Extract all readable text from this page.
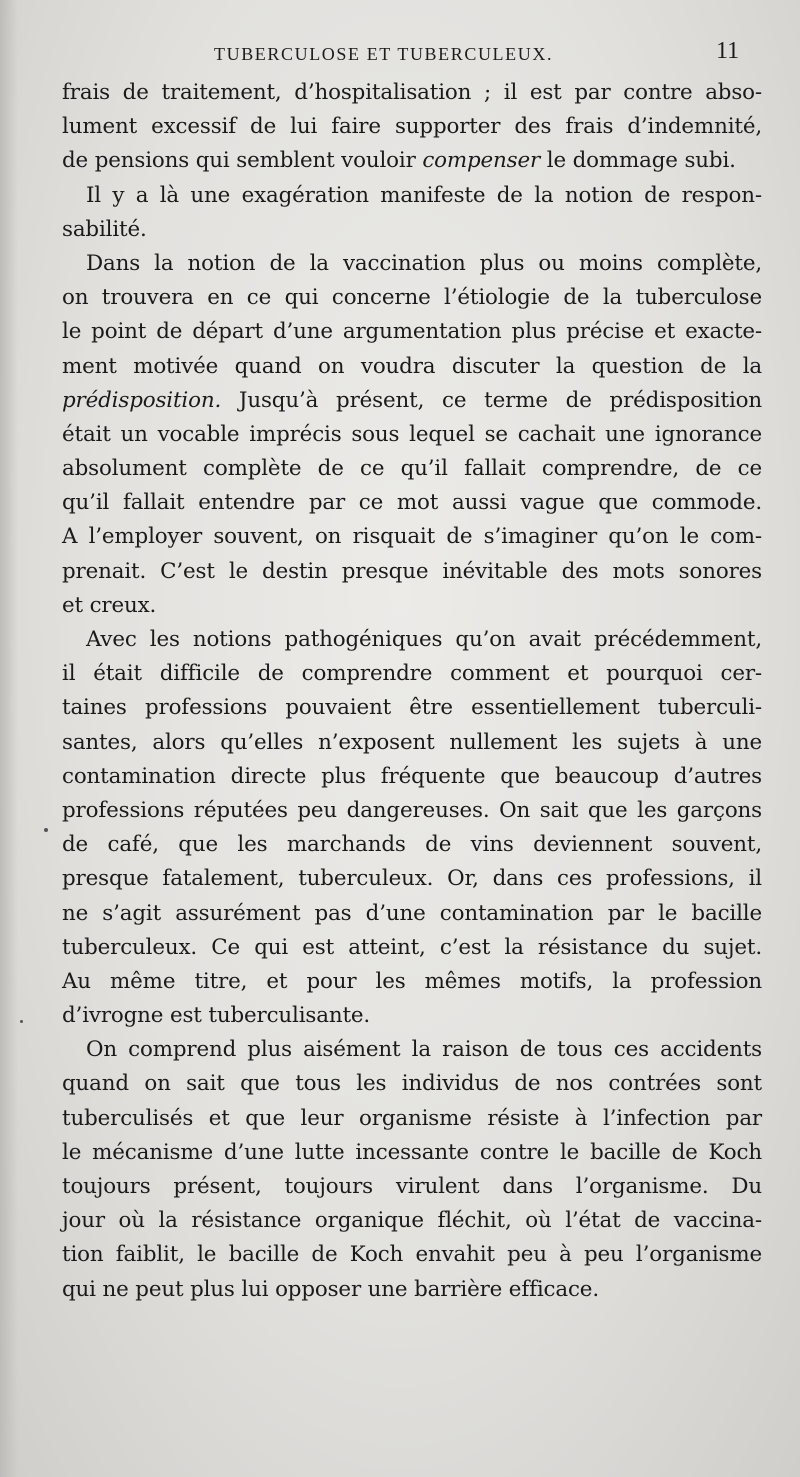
TUBERCULOSE ET TUBERCULEUX.	11
frais de traitement, d’hospitalisation ; il est par contre abso-
lument excessif de lui faire supporter des frais d’indemnité,
de pensions qui semblent vouloir compenser le dommage subi.
Il y a là une exagération manifeste de la notion de respon-
sabilité.
Dans la notion de la vaccination plus ou moins complète,
on trouvera en ce qui concerne l’étiologie de la tuberculose
le point de départ d’une argumentation plus précise et exacte-
ment motivée quand on voudra discuter la question de la
prédisposition. Jusqu’à présent, ce terme de prédisposition
était un vocable imprécis sous lequel se cachait une ignorance
absolument complète de ce qu’il fallait comprendre, de ce
qu’il fallait entendre par ce mot aussi vague que commode.
A l’employer souvent, on risquait de s’imaginer qu’on le com-
prenait. C’est le destin presque inévitable des mots sonores
et creux.
Avec les notions pathogéniques qu’on avait précédemment,
il était difficile de comprendre comment et pourquoi cer-
taines professions pouvaient être essentiellement tuberculi-
santes, alors qu’elles n’exposent nullement les sujets à une
contamination directe plus fréquente que beaucoup d’autres
professions réputées peu dangereuses. On sait que les garçons
de café, que les marchands de vins deviennent souvent,
presque fatalement, tuberculeux. Or, dans ces professions, il
ne s’agit assurément pas d’une contamination par le bacille
tuberculeux. Ce qui est atteint, c’est la résistance du sujet.
Au même titre, et pour les mêmes motifs, la profession
d’ivrogne est tuberculisante.
On comprend plus aisément la raison de tous ces accidents
quand on sait que tous les individus de nos contrées sont
tuberculisés et que leur organisme résiste à l’infection par
le mécanisme d’une lutte incessante contre le bacille de Koch
toujours présent, toujours virulent dans l’organisme. Du
jour où la résistance organique fléchit, où l’état de vaccina-
tion faiblit, le bacille de Koch envahit peu à peu l’organisme
qui ne peut plus lui opposer une barrière efficace.
